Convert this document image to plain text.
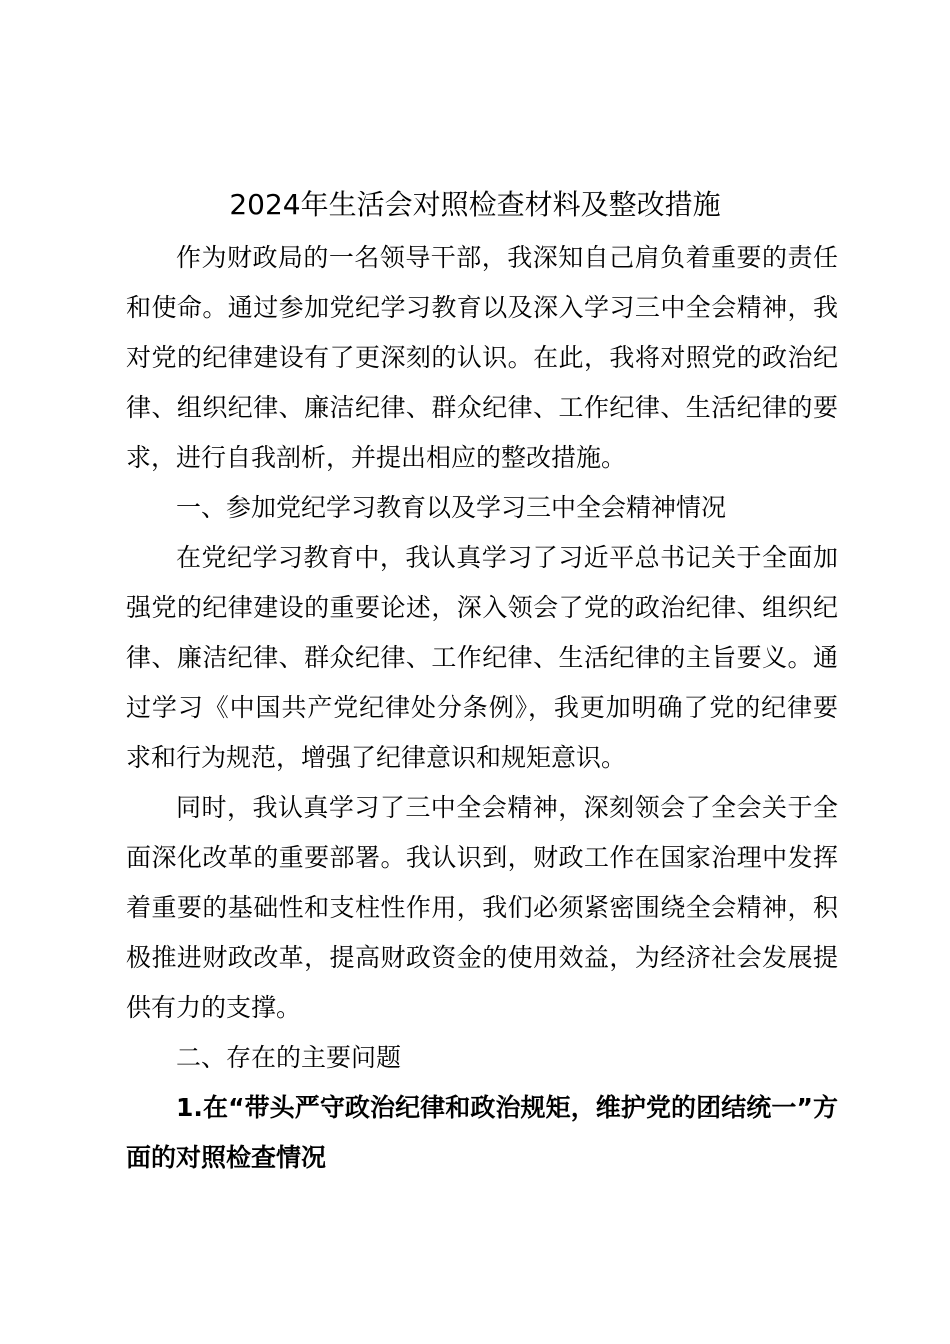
2024年生活会对照检查材料及整改措施

作为财政局的一名领导干部，我深知自己肩负着重要的责任和使命。通过参加党纪学习教育以及深入学习三中全会精神，我对党的纪律建设有了更深刻的认识。在此，我将对照党的政治纪律、组织纪律、廉洁纪律、群众纪律、工作纪律、生活纪律的要求，进行自我剖析，并提出相应的整改措施。

一、参加党纪学习教育以及学习三中全会精神情况

在党纪学习教育中，我认真学习了习近平总书记关于全面加强党的纪律建设的重要论述，深入领会了党的政治纪律、组织纪律、廉洁纪律、群众纪律、工作纪律、生活纪律的主旨要义。通过学习《中国共产党纪律处分条例》，我更加明确了党的纪律要求和行为规范，增强了纪律意识和规矩意识。

同时，我认真学习了三中全会精神，深刻领会了全会关于全面深化改革的重要部署。我认识到，财政工作在国家治理中发挥着重要的基础性和支柱性作用，我们必须紧密围绕全会精神，积极推进财政改革，提高财政资金的使用效益，为经济社会发展提供有力的支撑。

二、存在的主要问题

1.在“带头严守政治纪律和政治规矩，维护党的团结统一”方面的对照检查情况
